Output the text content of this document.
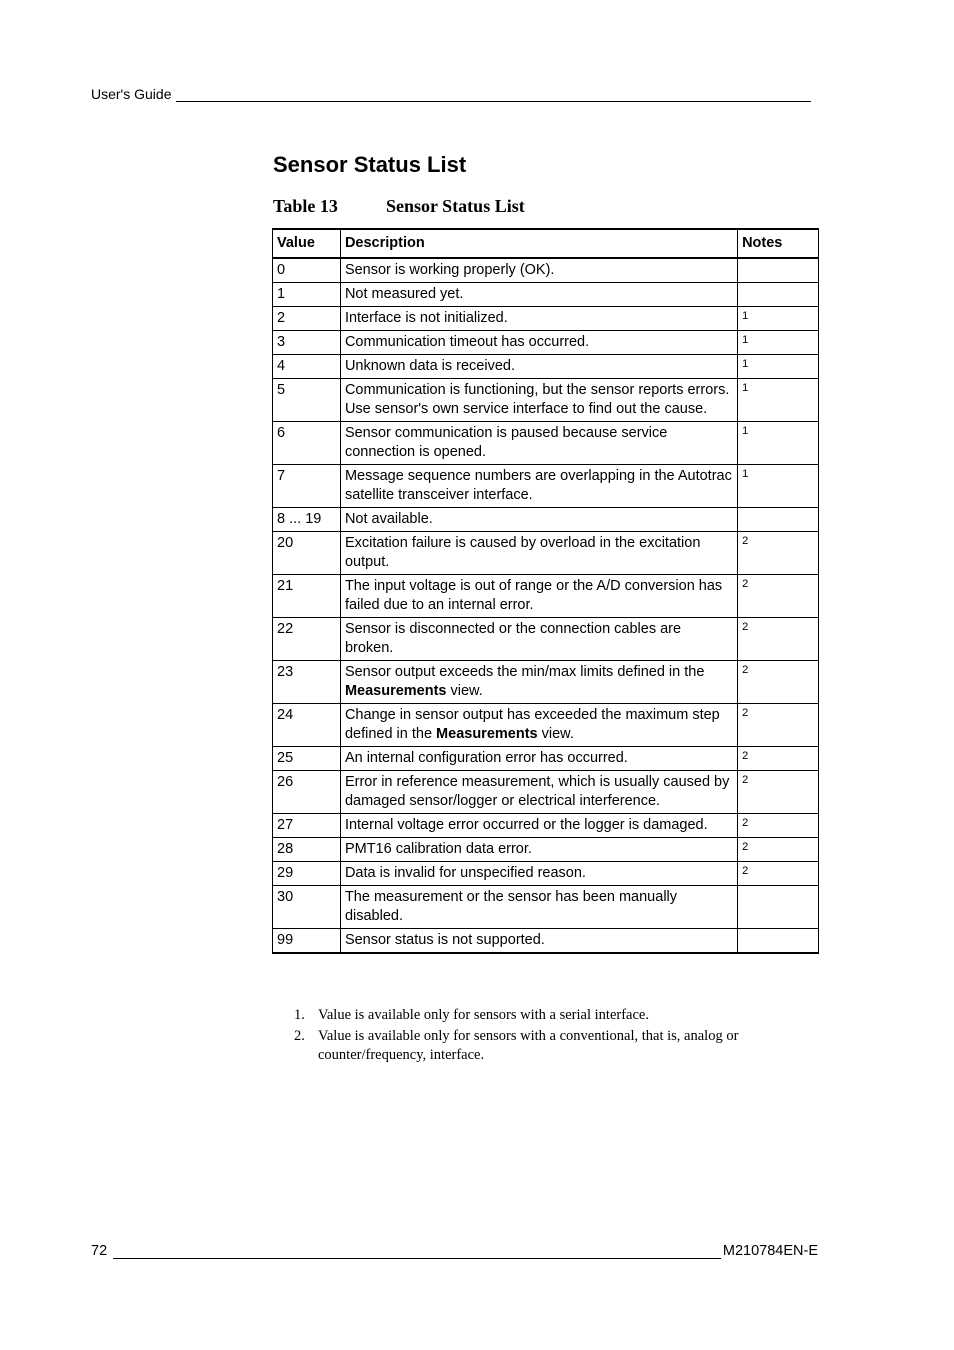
User's Guide
Sensor Status List
Table 13	Sensor Status List
Value	Description	Notes
0	Sensor is working properly (OK).	
1	Not measured yet.	
2	Interface is not initialized.	1
3	Communication timeout has occurred.	1
4	Unknown data is received.	1
5	Communication is functioning, but the sensor reports errors. Use sensor's own service interface to find out the cause.	1
6	Sensor communication is paused because service connection is opened.	1
7	Message sequence numbers are overlapping in the Autotrac satellite transceiver interface.	1
8 ... 19	Not available.	
20	Excitation failure is caused by overload in the excitation output.	2
21	The input voltage is out of range or the A/D conversion has failed due to an internal error.	2
22	Sensor is disconnected or the connection cables are broken.	2
23	Sensor output exceeds the min/max limits defined in the Measurements view.	2
24	Change in sensor output has exceeded the maximum step defined in the Measurements view.	2
25	An internal configuration error has occurred.	2
26	Error in reference measurement, which is usually caused by damaged sensor/logger or electrical interference.	2
27	Internal voltage error occurred or the logger is damaged.	2
28	PMT16 calibration data error.	2
29	Data is invalid for unspecified reason.	2
30	The measurement or the sensor has been manually disabled.	
99	Sensor status is not supported.	
1. Value is available only for sensors with a serial interface.
2. Value is available only for sensors with a conventional, that is, analog or counter/frequency, interface.
72	M210784EN-E
